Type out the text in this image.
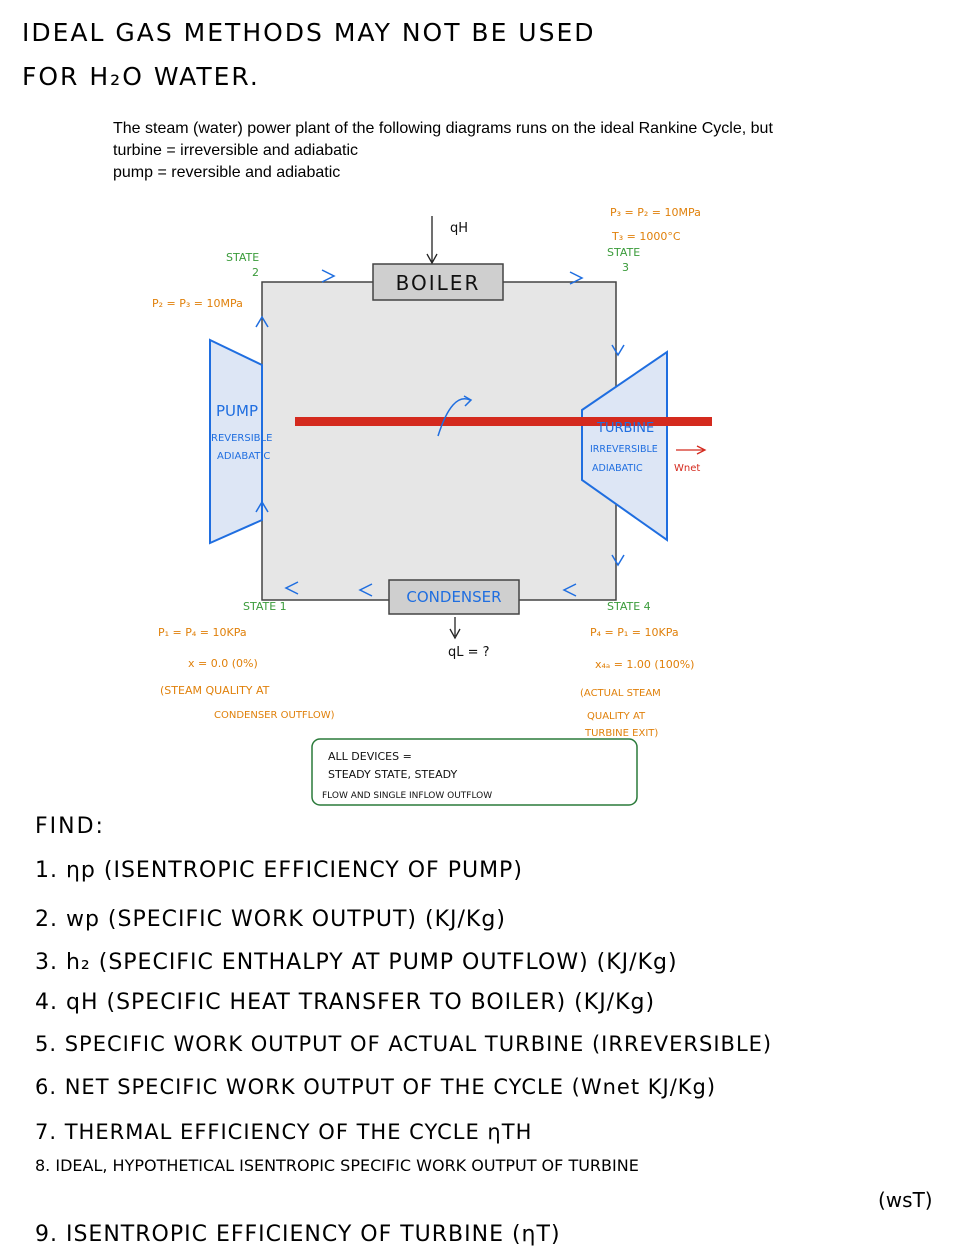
IDEAL GAS METHODS MAY NOT BE USED
FOR H₂O WATER.
The steam (water) power plant of the following diagrams runs on the ideal Rankine Cycle, but
turbine = irreversible and adiabatic
pump = reversible and adiabatic
BOILER
CONDENSER
qH
qL = ?
PUMP
REVERSIBLE
ADIABATIC
TURBINE
IRREVERSIBLE
ADIABATIC	Wnet
STATE
2
P₂ = P₃ = 10MPa
P₃ = P₂ = 10MPa
T₃ = 1000°C
STATE
3
STATE 1
P₁ = P₄ = 10KPa
x = 0.0 (0%)
(STEAM QUALITY AT
CONDENSER OUTFLOW)
STATE 4
P₄ = P₁ = 10KPa
x₄ₐ = 1.00 (100%)
(ACTUAL STEAM
QUALITY AT
TURBINE EXIT)
ALL DEVICES =
STEADY STATE, STEADY
FLOW AND SINGLE INFLOW OUTFLOW
FIND:
1. ηp (ISENTROPIC EFFICIENCY OF PUMP)
2. wp (SPECIFIC WORK OUTPUT) (KJ/Kg)
3. h₂ (SPECIFIC ENTHALPY AT PUMP OUTFLOW) (KJ/Kg)
4. qH (SPECIFIC HEAT TRANSFER TO BOILER) (KJ/Kg)
5. SPECIFIC WORK OUTPUT OF ACTUAL TURBINE (IRREVERSIBLE)
6. NET SPECIFIC WORK OUTPUT OF THE CYCLE (Wnet KJ/Kg)
7. THERMAL EFFICIENCY OF THE CYCLE ηTH
8. IDEAL, HYPOTHETICAL ISENTROPIC SPECIFIC WORK OUTPUT OF TURBINE
(wsT)
9. ISENTROPIC EFFICIENCY OF TURBINE (ηT)
